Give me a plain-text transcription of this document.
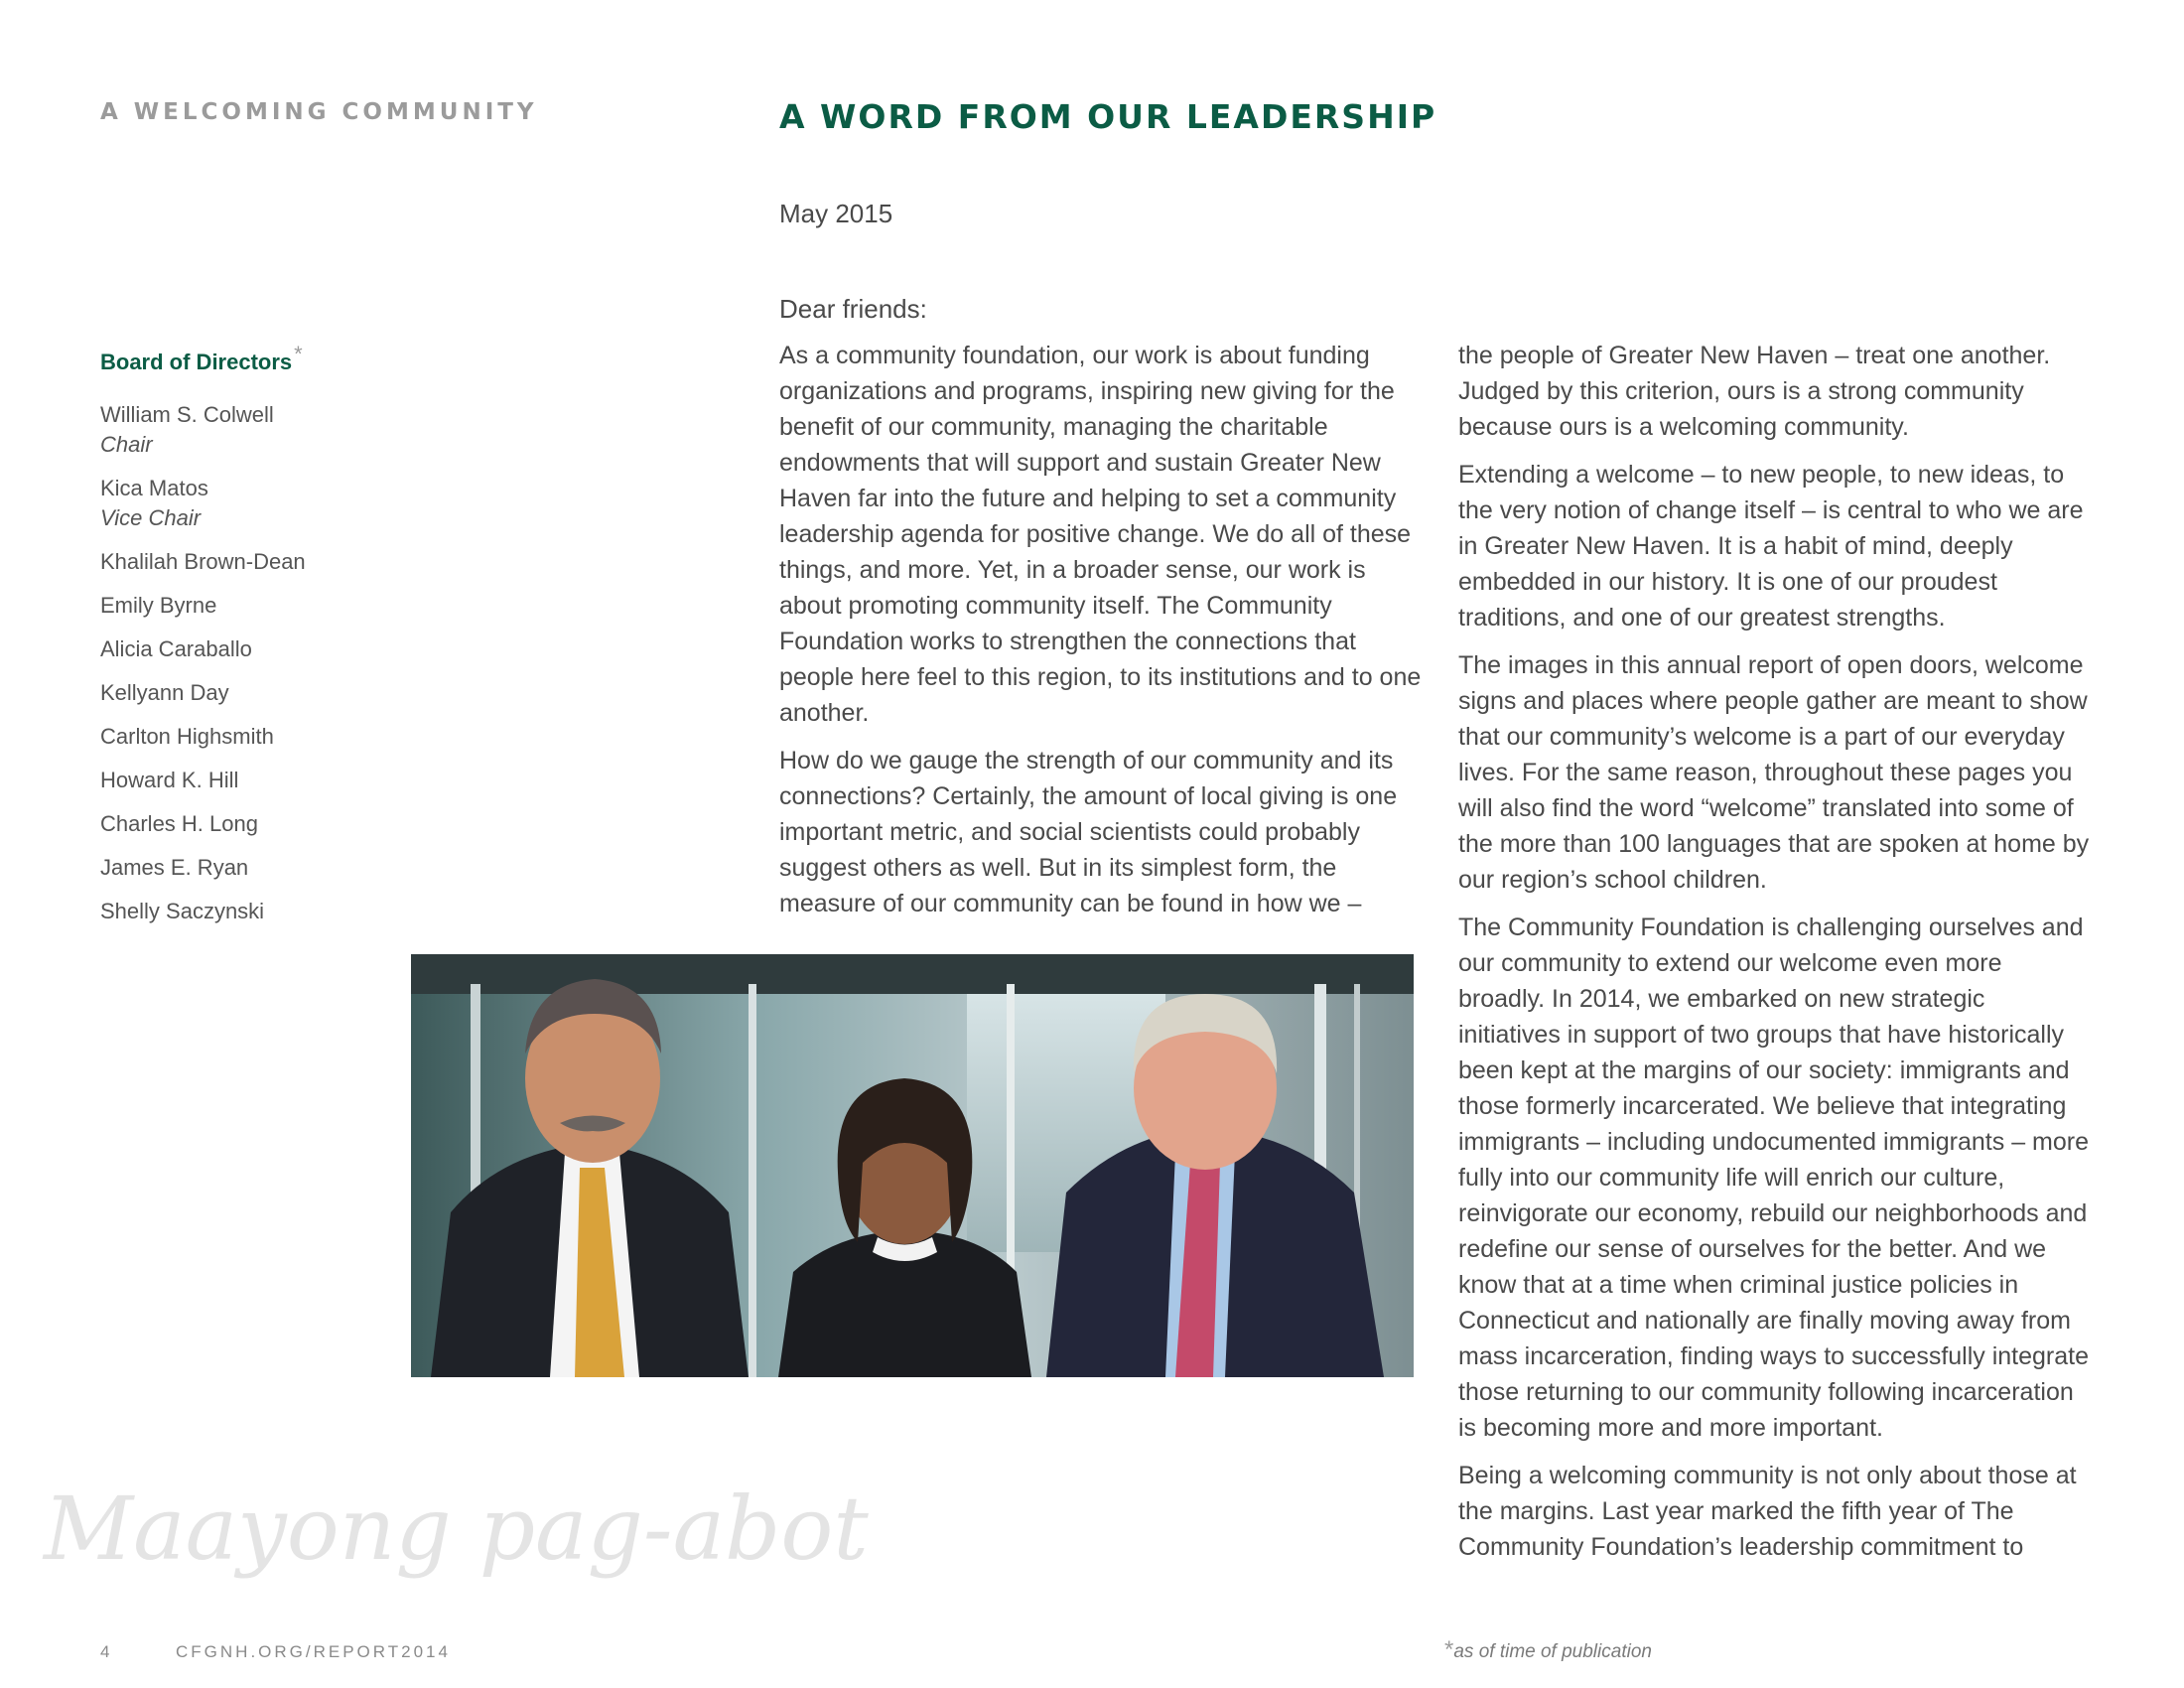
A WELCOMING COMMUNITY	A WORD FROM OUR LEADERSHIP
May 2015
Dear friends:
Board of Directors*
William S. Colwell
Chair
Kica Matos
Vice Chair
Khalilah Brown-Dean
Emily Byrne
Alicia Caraballo
Kellyann Day
Carlton Highsmith
Howard K. Hill
Charles H. Long
James E. Ryan
Shelly Saczynski

As a community foundation, our work is about funding organizations and programs, inspiring new giving for the benefit of our community, managing the charitable endowments that will support and sustain Greater New Haven far into the future and helping to set a community leadership agenda for positive change. We do all of these things, and more. Yet, in a broader sense, our work is about promoting community itself. The Community Foundation works to strengthen the connections that people here feel to this region, to its institutions and to one another.

How do we gauge the strength of our community and its connections? Certainly, the amount of local giving is one important metric, and social scientists could probably suggest others as well. But in its simplest form, the measure of our community can be found in how we –

the people of Greater New Haven – treat one another. Judged by this criterion, ours is a strong community because ours is a welcoming community.

Extending a welcome – to new people, to new ideas, to the very notion of change itself – is central to who we are in Greater New Haven. It is a habit of mind, deeply embedded in our history. It is one of our proudest traditions, and one of our greatest strengths.

The images in this annual report of open doors, welcome signs and places where people gather are meant to show that our community’s welcome is a part of our everyday lives. For the same reason, throughout these pages you will also find the word “welcome” translated into some of the more than 100 languages that are spoken at home by our region’s school children.

The Community Foundation is challenging ourselves and our community to extend our welcome even more broadly. In 2014, we embarked on new strategic initiatives in support of two groups that have historically been kept at the margins of our society: immigrants and those formerly incarcerated. We believe that integrating immigrants – including undocumented immigrants – more fully into our community life will enrich our culture, reinvigorate our economy, rebuild our neighborhoods and redefine our sense of ourselves for the better. And we know that at a time when criminal justice policies in Connecticut and nationally are finally moving away from mass incarceration, finding ways to successfully integrate those returning to our community following incarceration is becoming more and more important.

Being a welcoming community is not only about those at the margins. Last year marked the fifth year of The Community Foundation’s leadership commitment to

Maayong pag-abot
4	CFGNH.ORG/REPORT2014	*as of time of publication
